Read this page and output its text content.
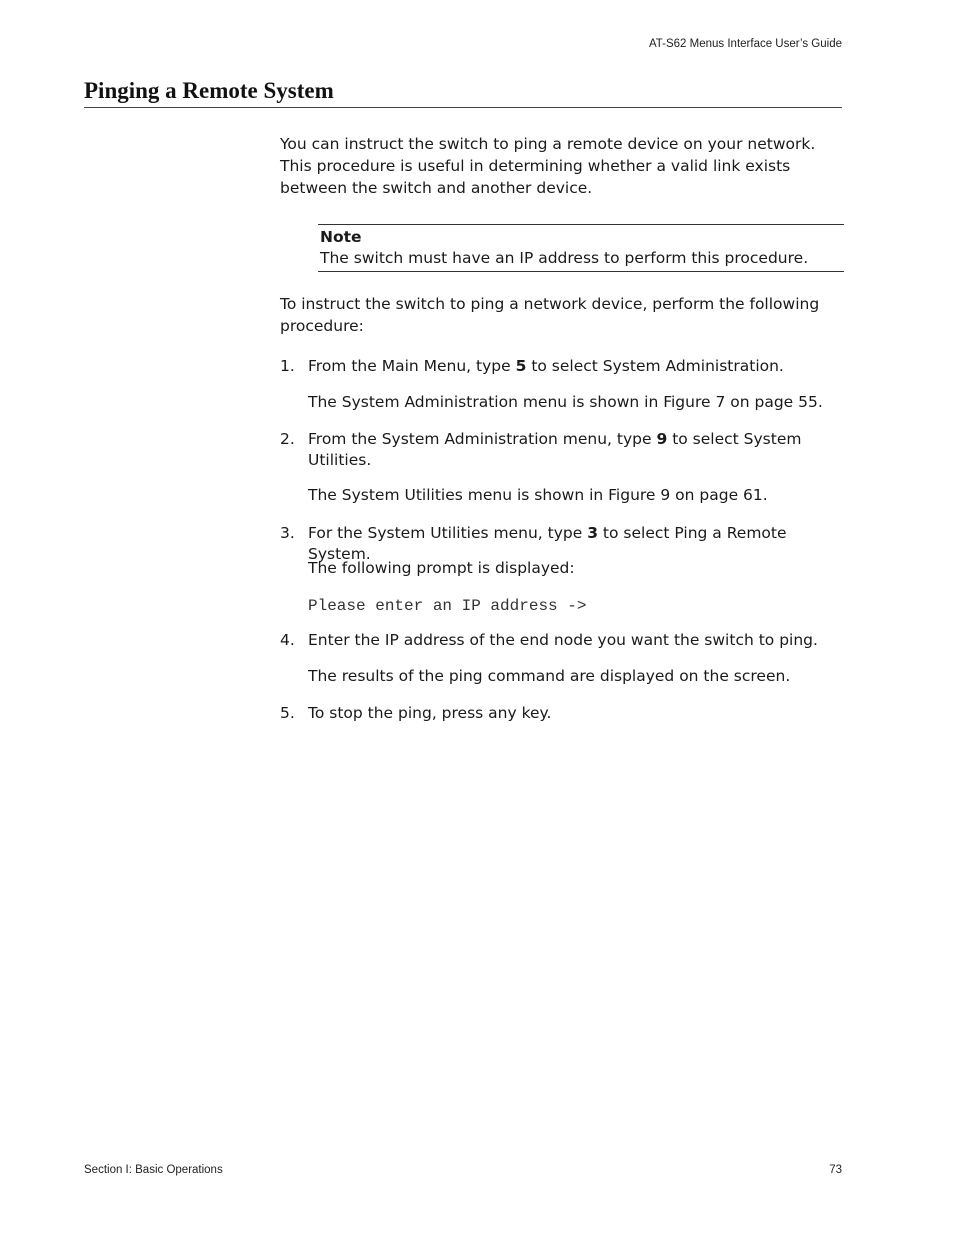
AT-S62 Menus Interface User’s Guide
Pinging a Remote System

You can instruct the switch to ping a remote device on your network.

This procedure is useful in determining whether a valid link exists

between the switch and another device.

Note
The switch must have an IP address to perform this procedure.

To instruct the switch to ping a network device, perform the following

procedure:

1. From the Main Menu, type 5 to select System Administration.
The System Administration menu is shown in Figure 7 on page 55.
2. From the System Administration menu, type 9 to select System
Utilities.
The System Utilities menu is shown in Figure 9 on page 61.
3. For the System Utilities menu, type 3 to select Ping a Remote System.
The following prompt is displayed:
Please enter an IP address ->
4. Enter the IP address of the end node you want the switch to ping.
The results of the ping command are displayed on the screen.
5. To stop the ping, press any key.
Section I: Basic Operations	73
